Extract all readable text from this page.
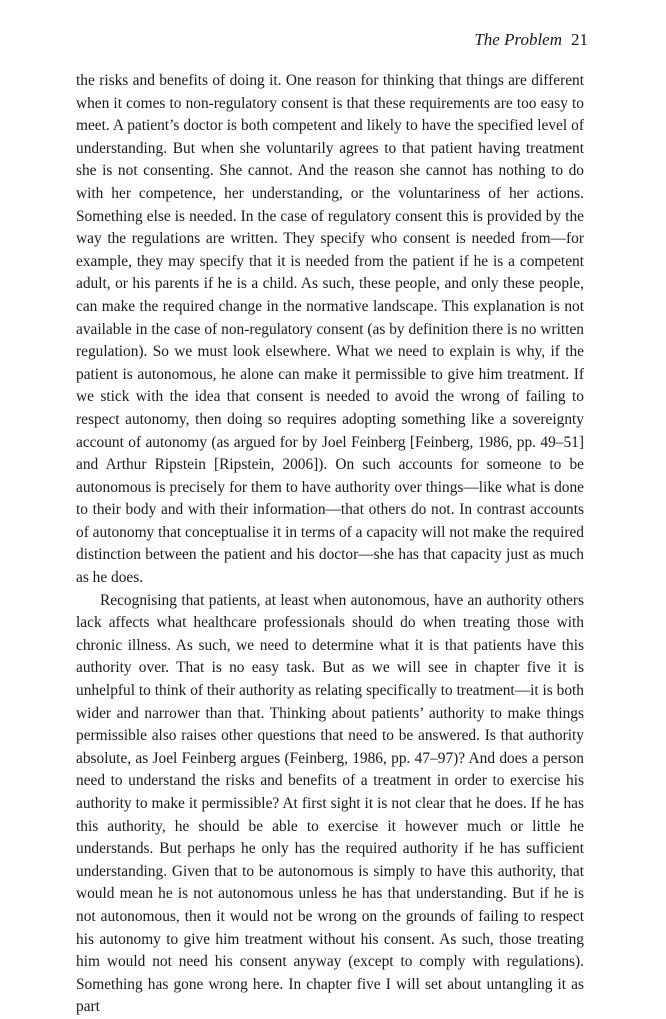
The Problem 21

the risks and benefits of doing it. One reason for thinking that things are different when it comes to non-regulatory consent is that these requirements are too easy to meet. A patient’s doctor is both competent and likely to have the specified level of understanding. But when she voluntarily agrees to that patient having treatment she is not consenting. She cannot. And the reason she cannot has nothing to do with her competence, her understanding, or the voluntariness of her actions. Something else is needed. In the case of regulatory consent this is provided by the way the regulations are written. They specify who consent is needed from—for example, they may specify that it is needed from the patient if he is a competent adult, or his parents if he is a child. As such, these people, and only these people, can make the required change in the normative landscape. This explanation is not available in the case of non-regulatory consent (as by definition there is no written regulation). So we must look elsewhere. What we need to explain is why, if the patient is autonomous, he alone can make it permissible to give him treatment. If we stick with the idea that consent is needed to avoid the wrong of failing to respect autonomy, then doing so requires adopting something like a sovereignty account of autonomy (as argued for by Joel Feinberg [Feinberg, 1986, pp. 49–51] and Arthur Ripstein [Ripstein, 2006]). On such accounts for someone to be autonomous is precisely for them to have authority over things—like what is done to their body and with their information—that others do not. In contrast accounts of autonomy that conceptualise it in terms of a capacity will not make the required distinction between the patient and his doctor—she has that capacity just as much as he does.

Recognising that patients, at least when autonomous, have an authority others lack affects what healthcare professionals should do when treating those with chronic illness. As such, we need to determine what it is that patients have this authority over. That is no easy task. But as we will see in chapter five it is unhelpful to think of their authority as relating specifically to treatment—it is both wider and narrower than that. Thinking about patients’ authority to make things permissible also raises other questions that need to be answered. Is that authority absolute, as Joel Feinberg argues (Feinberg, 1986, pp. 47–97)? And does a person need to understand the risks and benefits of a treatment in order to exercise his authority to make it permissible? At first sight it is not clear that he does. If he has this authority, he should be able to exercise it however much or little he understands. But perhaps he only has the required authority if he has sufficient understanding. Given that to be autonomous is simply to have this authority, that would mean he is not autonomous unless he has that understanding. But if he is not autonomous, then it would not be wrong on the grounds of failing to respect his autonomy to give him treatment without his consent. As such, those treating him would not need his consent anyway (except to comply with regulations). Something has gone wrong here. In chapter five I will set about untangling it as part
